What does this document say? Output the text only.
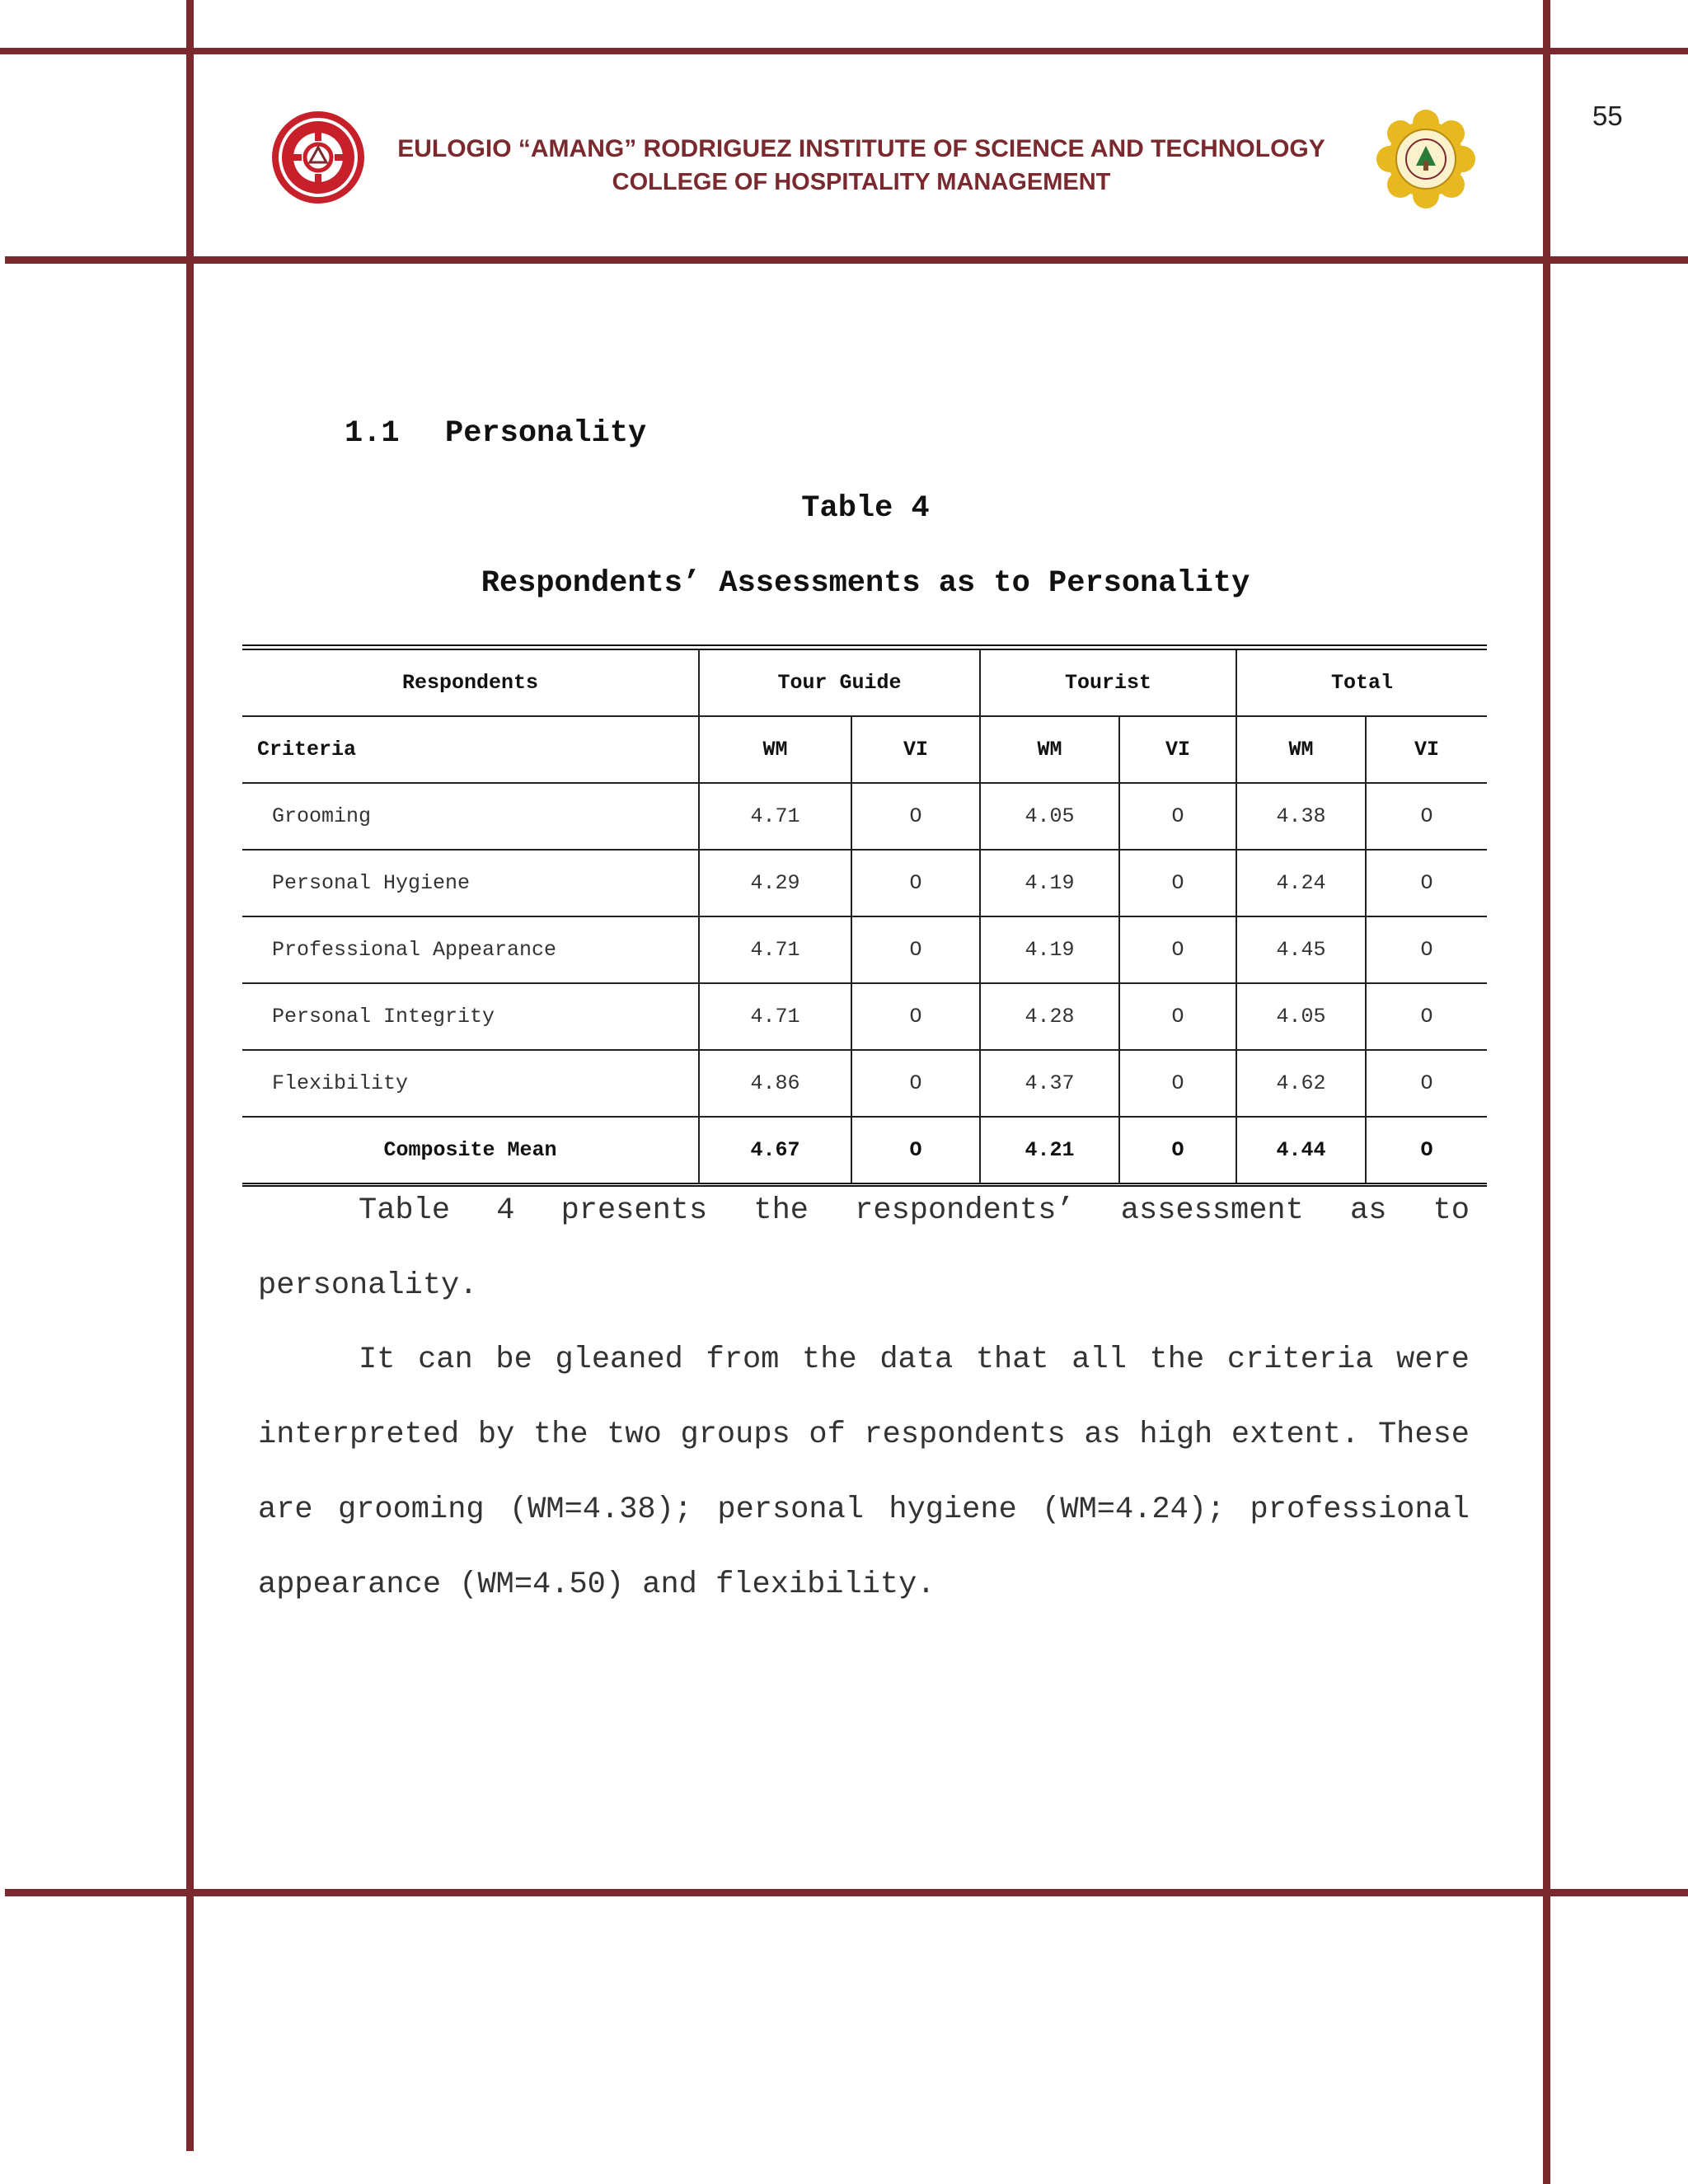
55
EULOGIO “AMANG” RODRIGUEZ INSTITUTE OF SCIENCE AND TECHNOLOGY
COLLEGE OF HOSPITALITY MANAGEMENT
1.1 Personality
Table 4
Respondents’ Assessments as to Personality
Respondents	Tour Guide		Tourist		Total	
Criteria	WM	VI	WM	VI	WM	VI
Grooming	4.71	O	4.05	O	4.38	O
Personal Hygiene	4.29	O	4.19	O	4.24	O
Professional Appearance	4.71	O	4.19	O	4.45	O
Personal Integrity	4.71	O	4.28	O	4.05	O
Flexibility	4.86	O	4.37	O	4.62	O
Composite Mean	4.67	O	4.21	O	4.44	O

Table 4 presents the respondents’ assessment as to personality.

It can be gleaned from the data that all the criteria were interpreted by the two groups of respondents as high extent. These are grooming (WM=4.38); personal hygiene (WM=4.24); professional appearance (WM=4.50) and flexibility.
